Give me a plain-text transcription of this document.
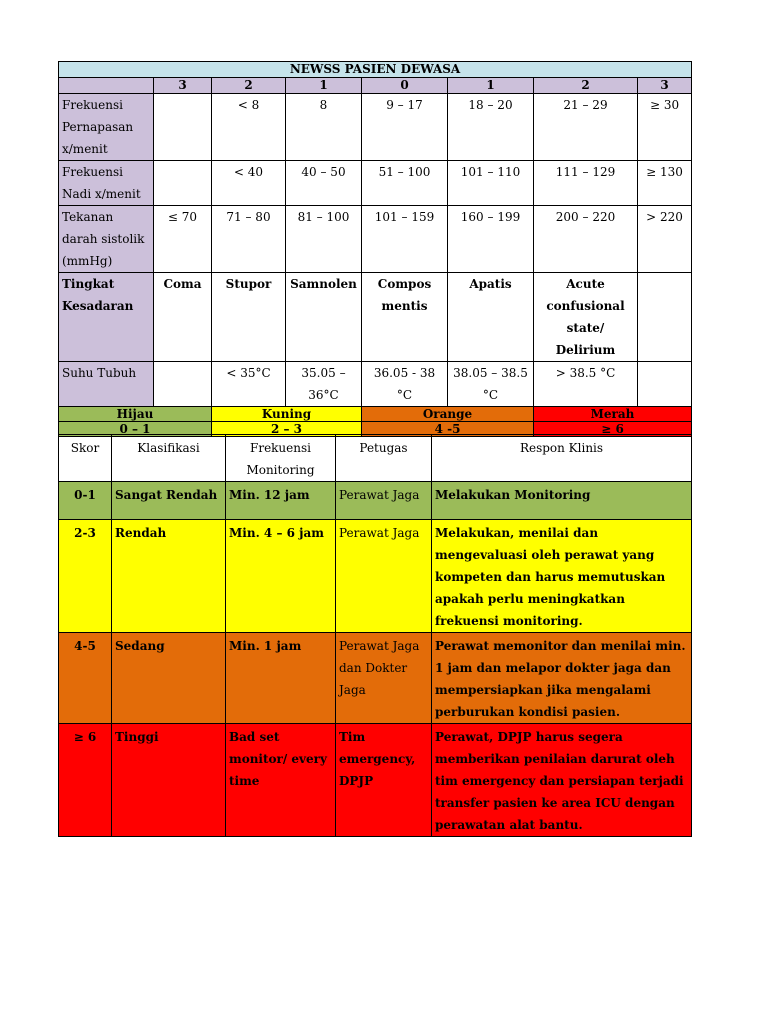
NEWSS PASIEN DEWASA							
	3	2	1	0	1	2	3
Frekuensi Pernapasan x/menit		< 8	8	9 – 17	18 – 20	21 – 29	≥ 30
Frekuensi Nadi x/menit		< 40	40 – 50	51 – 100	101 – 110	111 – 129	≥ 130
Tekanan darah sistolik (mmHg)	≤ 70	71 – 80	81 – 100	101 – 159	160 – 199	200 – 220	> 220
Tingkat Kesadaran	Coma	Stupor	Samnolen	Compos mentis	Apatis	Acute confusional state/ Delirium	
Suhu Tubuh		< 35°C	35.05 – 36°C	36.05 - 38 °C	38.05 – 38.5 °C	> 38.5 °C	
Hijau		Kuning		Orange		Merah	
0 – 1		2 – 3		4 -5		≥ 6	
Skor	Klasifikasi	Frekuensi Monitoring	Petugas	Respon Klinis
0-1	Sangat Rendah	Min. 12 jam	Perawat Jaga	Melakukan Monitoring
2-3	Rendah	Min. 4 – 6 jam	Perawat Jaga	Melakukan, menilai dan mengevaluasi oleh perawat yang kompeten dan harus memutuskan apakah perlu meningkatkan frekuensi monitoring.
4-5	Sedang	Min. 1 jam	Perawat Jaga dan Dokter Jaga	Perawat memonitor dan menilai min. 1 jam dan melapor dokter jaga dan mempersiapkan jika mengalami perburukan kondisi pasien.
≥ 6	Tinggi	Bad set monitor/ every time	Tim emergency, DPJP	Perawat, DPJP harus segera memberikan penilaian darurat oleh tim emergency dan persiapan terjadi transfer pasien ke area ICU dengan perawatan alat bantu.
